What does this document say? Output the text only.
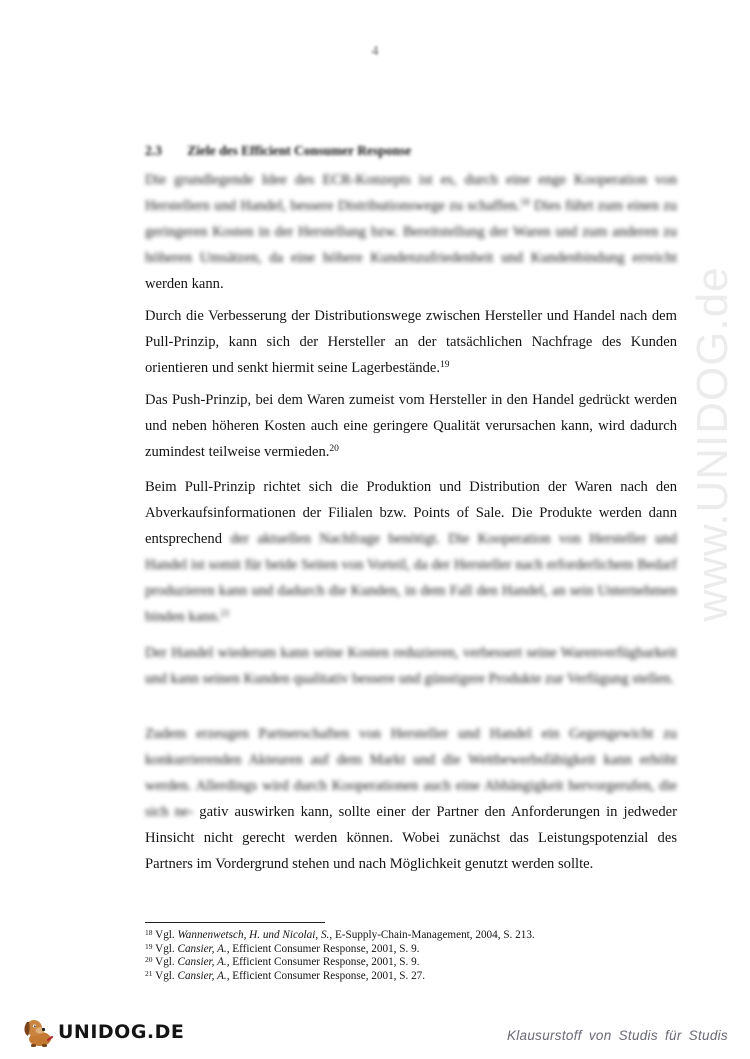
4
www.UNIDOG.de
2.3 Ziele des Efficient Consumer Response

Die grundlegende Idee des ECR-Konzepts ist es, durch eine enge Kooperation von Herstellern und Handel, bessere Distributionswege zu schaffen.$^{18}$ Dies führt zum einen zu geringeren Kosten in der Herstellung bzw. Bereitstellung der Waren und zum anderen zu höheren Umsätzen, da eine höhere Kundenzufriedenheit und Kundenbindung erreicht werden kann.

Durch die Verbesserung der Distributionswege zwischen Hersteller und Handel nach dem Pull-Prinzip, kann sich der Hersteller an der tatsächlichen Nachfrage des Kunden orientieren und senkt hiermit seine Lagerbestände.$^{19}$

Das Push-Prinzip, bei dem Waren zumeist vom Hersteller in den Handel gedrückt werden und neben höheren Kosten auch eine geringere Qualität verursachen kann, wird dadurch zumindest teilweise vermieden.$^{20}$

Beim Pull-Prinzip richtet sich die Produktion und Distribution der Waren nach den Abverkaufsinformationen der Filialen bzw. Points of Sale. Die Produkte werden dann entsprechend der aktuellen Nachfrage benötigt. Die Kooperation von Hersteller und Handel ist somit für beide Seiten von Vorteil, da der Hersteller nach erforderlichem Bedarf produzieren kann und dadurch die Kunden, in dem Fall den Handel, an sein Unternehmen binden kann.$^{21}$

Der Handel wiederum kann seine Kosten reduzieren, verbessert seine Warenverfügbarkeit und kann seinen Kunden qualitativ bessere und günstigere Produkte zur Verfügung stellen.

Zudem erzeugen Partnerschaften von Hersteller und Handel ein Gegengewicht zu konkurrierenden Akteuren auf dem Markt und die Wettbewerbsfähigkeit kann erhöht werden. Allerdings wird durch Kooperationen auch eine Abhängigkeit hervorgerufen, die sich ne- gativ auswirken kann, sollte einer der Partner den Anforderungen in jedweder Hinsicht nicht gerecht werden können. Wobei zunächst das Leistungspotenzial des Partners im Vordergrund stehen und nach Möglichkeit genutzt werden sollte.

$^{18}$ Vgl. Wannenwetsch, H. und Nicolai, S., E-Supply-Chain-Management, 2004, S. 213.
$^{19}$ Vgl. Cansier, A., Efficient Consumer Response, 2001, S. 9.
$^{20}$ Vgl. Cansier, A., Efficient Consumer Response, 2001, S. 9.
$^{21}$ Vgl. Cansier, A., Efficient Consumer Response, 2001, S. 27.
UNIDOG.DE	Klausurstoff von Studis für Studis
